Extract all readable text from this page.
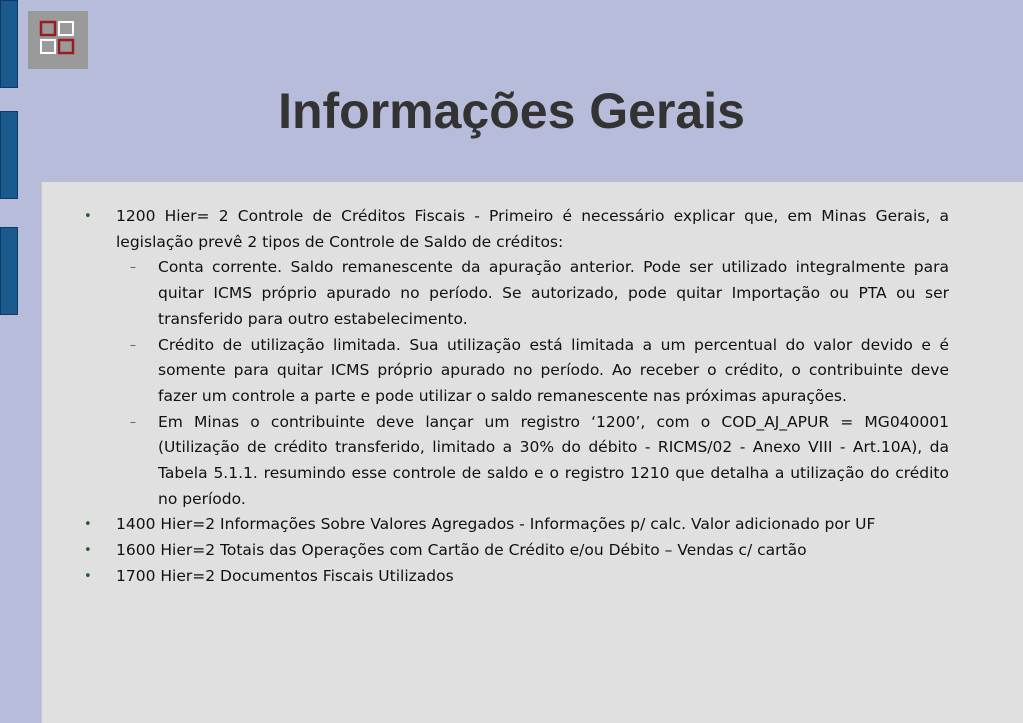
Informações Gerais
• 1200 Hier= 2 Controle de Créditos Fiscais - Primeiro é necessário explicar que, em Minas Gerais, a legislação prevê 2 tipos de Controle de Saldo de créditos:
– Conta corrente. Saldo remanescente da apuração anterior. Pode ser utilizado integralmente para quitar ICMS próprio apurado no período. Se autorizado, pode quitar Importação ou PTA ou ser transferido para outro estabelecimento.
– Crédito de utilização limitada. Sua utilização está limitada a um percentual do valor devido e é somente para quitar ICMS próprio apurado no período. Ao receber o crédito, o contribuinte deve fazer um controle a parte e pode utilizar o saldo remanescente nas próximas apurações.
– Em Minas o contribuinte deve lançar um registro ‘1200’, com o COD_AJ_APUR = MG040001 (Utilização de crédito transferido, limitado a 30% do débito - RICMS/02 - Anexo VIII - Art.10A), da Tabela 5.1.1. resumindo esse controle de saldo e o registro 1210 que detalha a utilização do crédito no período.
• 1400 Hier=2 Informações Sobre Valores Agregados - Informações p/ calc. Valor adicionado por UF
• 1600 Hier=2 Totais das Operações com Cartão de Crédito e/ou Débito – Vendas c/ cartão
• 1700 Hier=2 Documentos Fiscais Utilizados
